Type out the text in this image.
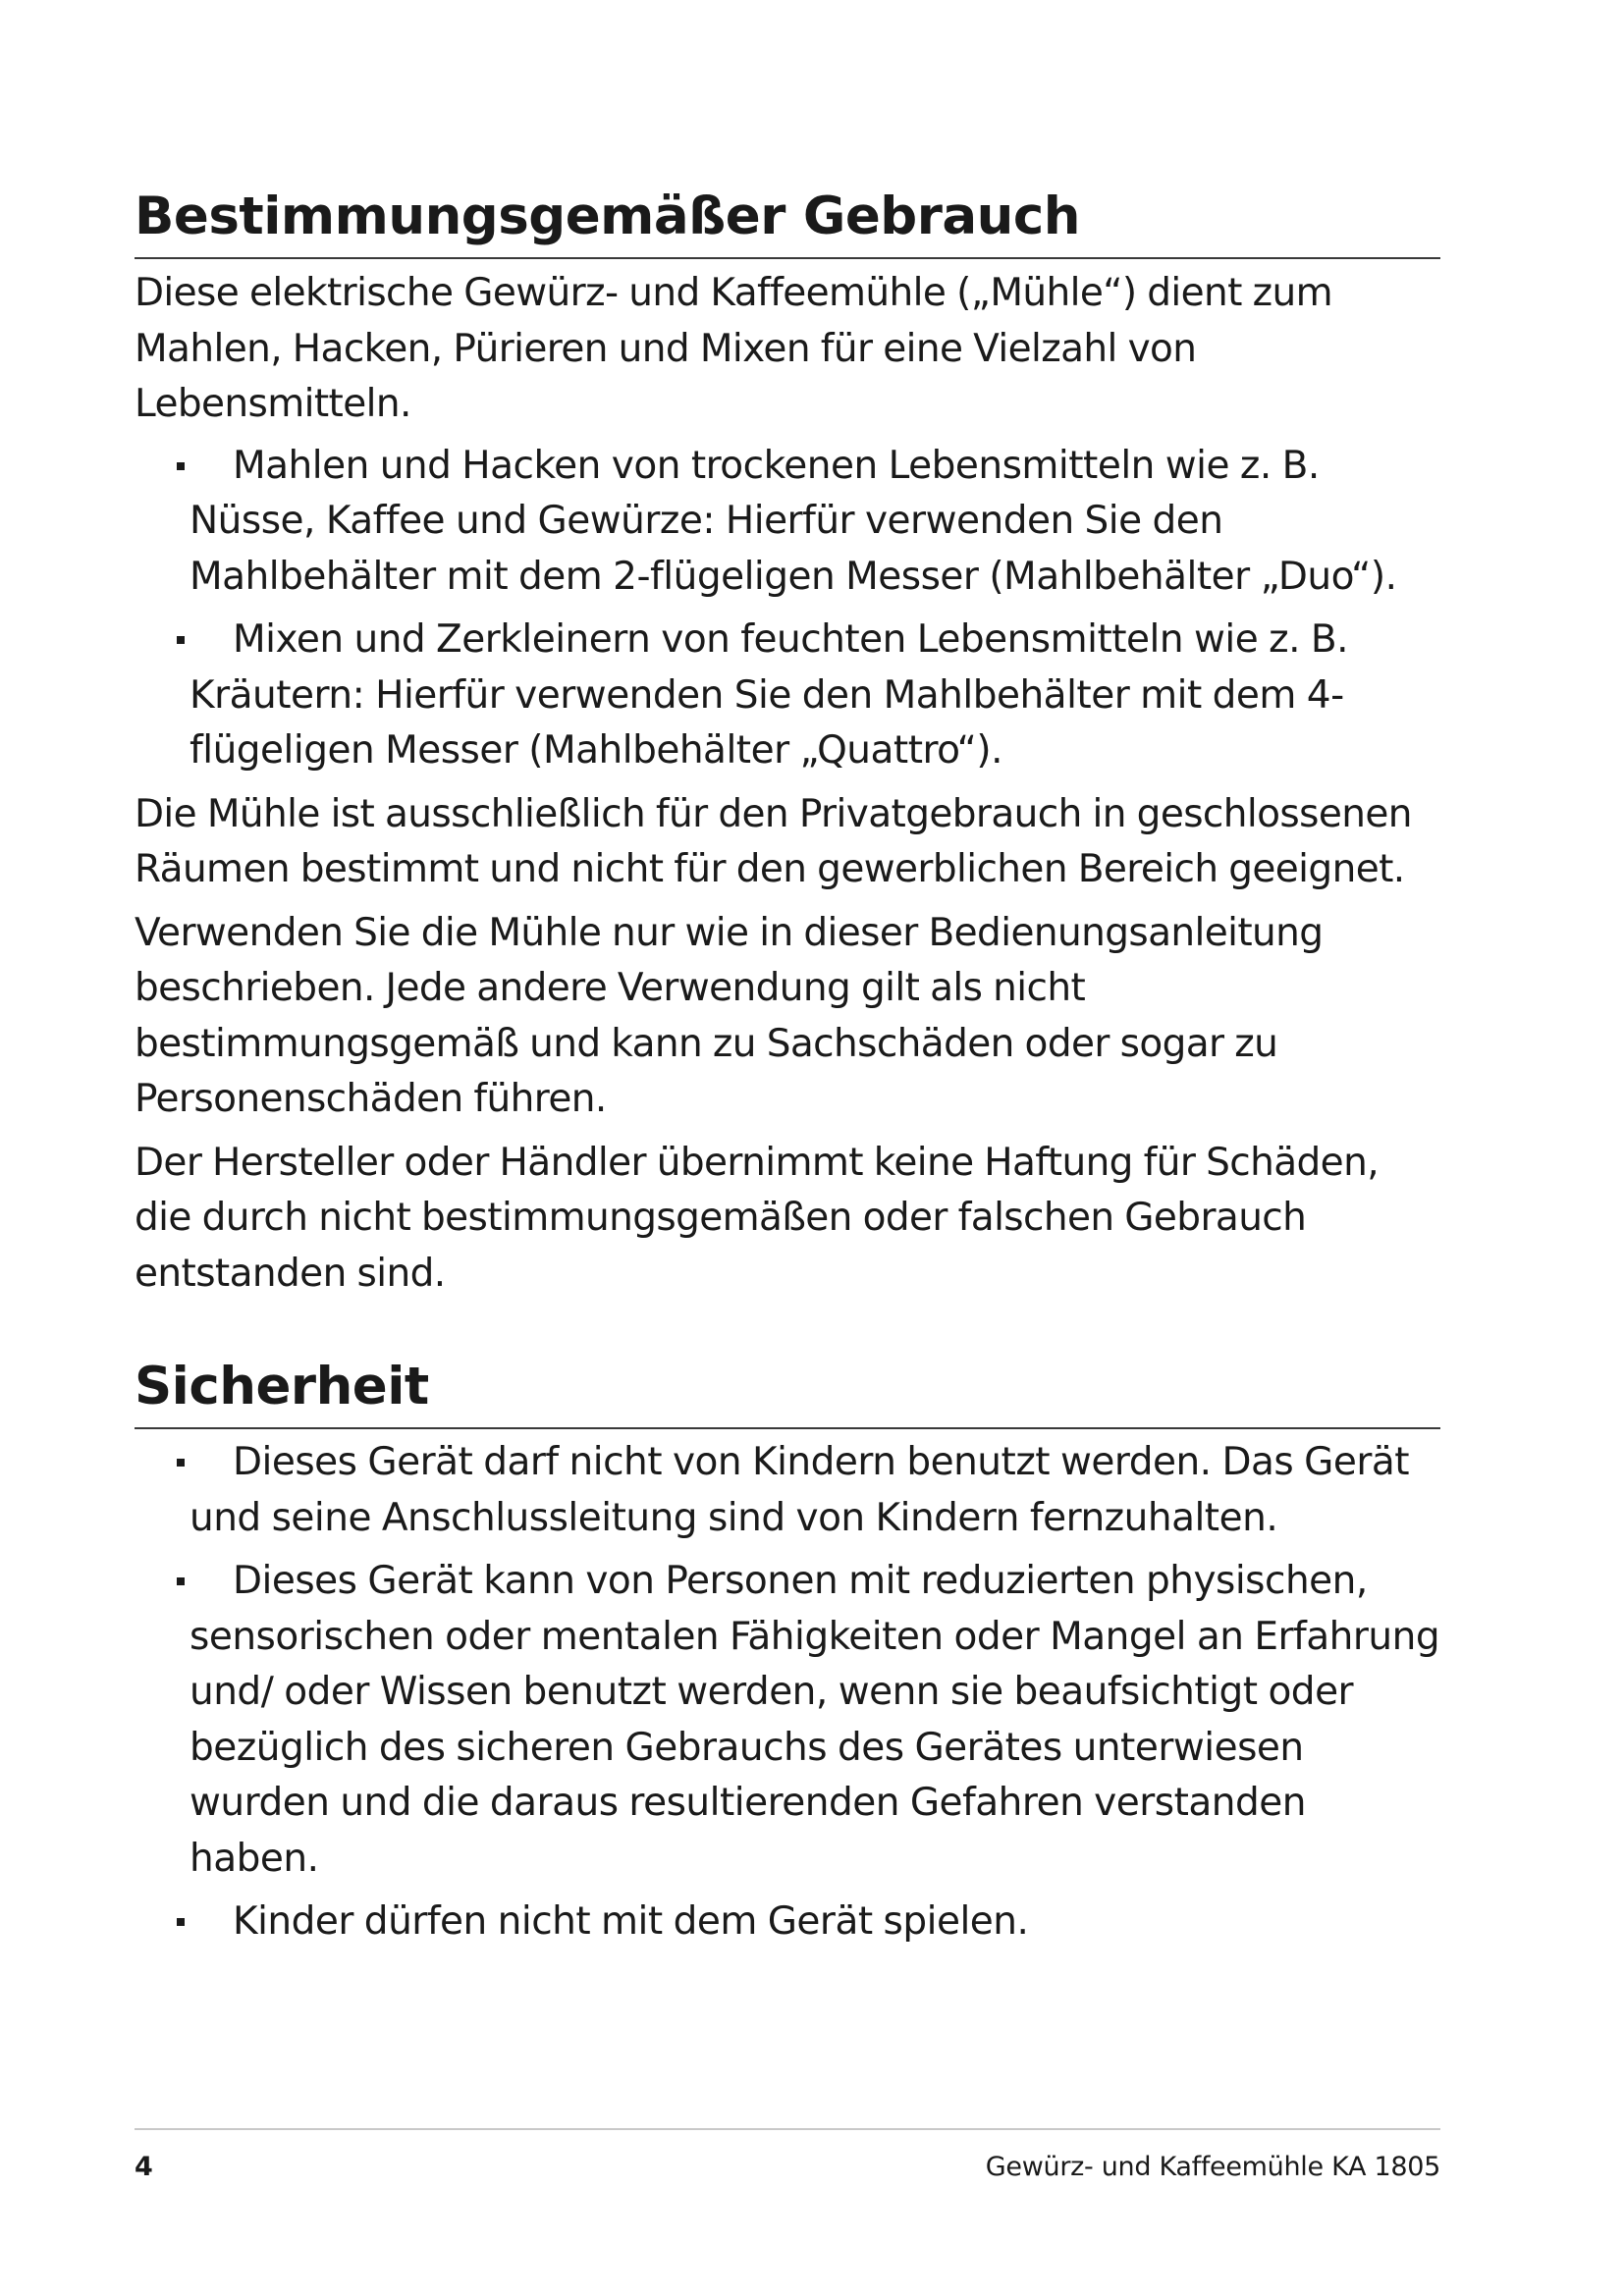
Bestimmungsgemäßer Gebrauch

Diese elektrische Gewürz- und Kaffeemühle („Mühle“) dient zum Mahlen, Hacken, Pürieren und Mixen für eine Vielzahl von Lebensmitteln.

Mahlen und Hacken von trockenen Lebensmitteln wie z. B. Nüsse, Kaffee und Gewürze: Hierfür verwenden Sie den Mahlbehälter mit dem 2-flügeligen Messer (Mahlbehälter „Duo“).
Mixen und Zerkleinern von feuchten Lebensmitteln wie z. B. Kräutern: Hierfür verwenden Sie den Mahlbehälter mit dem 4-flügeligen Messer (Mahlbehälter „Quattro“).

Die Mühle ist ausschließlich für den Privatgebrauch in geschlossenen Räumen bestimmt und nicht für den gewerblichen Bereich geeignet.

Verwenden Sie die Mühle nur wie in dieser Bedienungsanleitung beschrieben. Jede andere Verwendung gilt als nicht bestimmungsgemäß und kann zu Sachschäden oder sogar zu Personenschäden führen.

Der Hersteller oder Händler übernimmt keine Haftung für Schäden, die durch nicht bestimmungsgemäßen oder falschen Gebrauch entstanden sind.

Sicherheit
Dieses Gerät darf nicht von Kindern benutzt werden. Das Gerät und seine Anschlussleitung sind von Kindern fernzuhalten.
Dieses Gerät kann von Personen mit reduzierten physischen, sensorischen oder mentalen Fähigkeiten oder Mangel an Erfahrung und/ oder Wissen benutzt werden, wenn sie beaufsichtigt oder bezüglich des sicheren Gebrauchs des Gerätes unterwiesen wurden und die daraus resultierenden Gefahren verstanden haben.
Kinder dürfen nicht mit dem Gerät spielen.
4	Gewürz- und Kaffeemühle KA 1805
